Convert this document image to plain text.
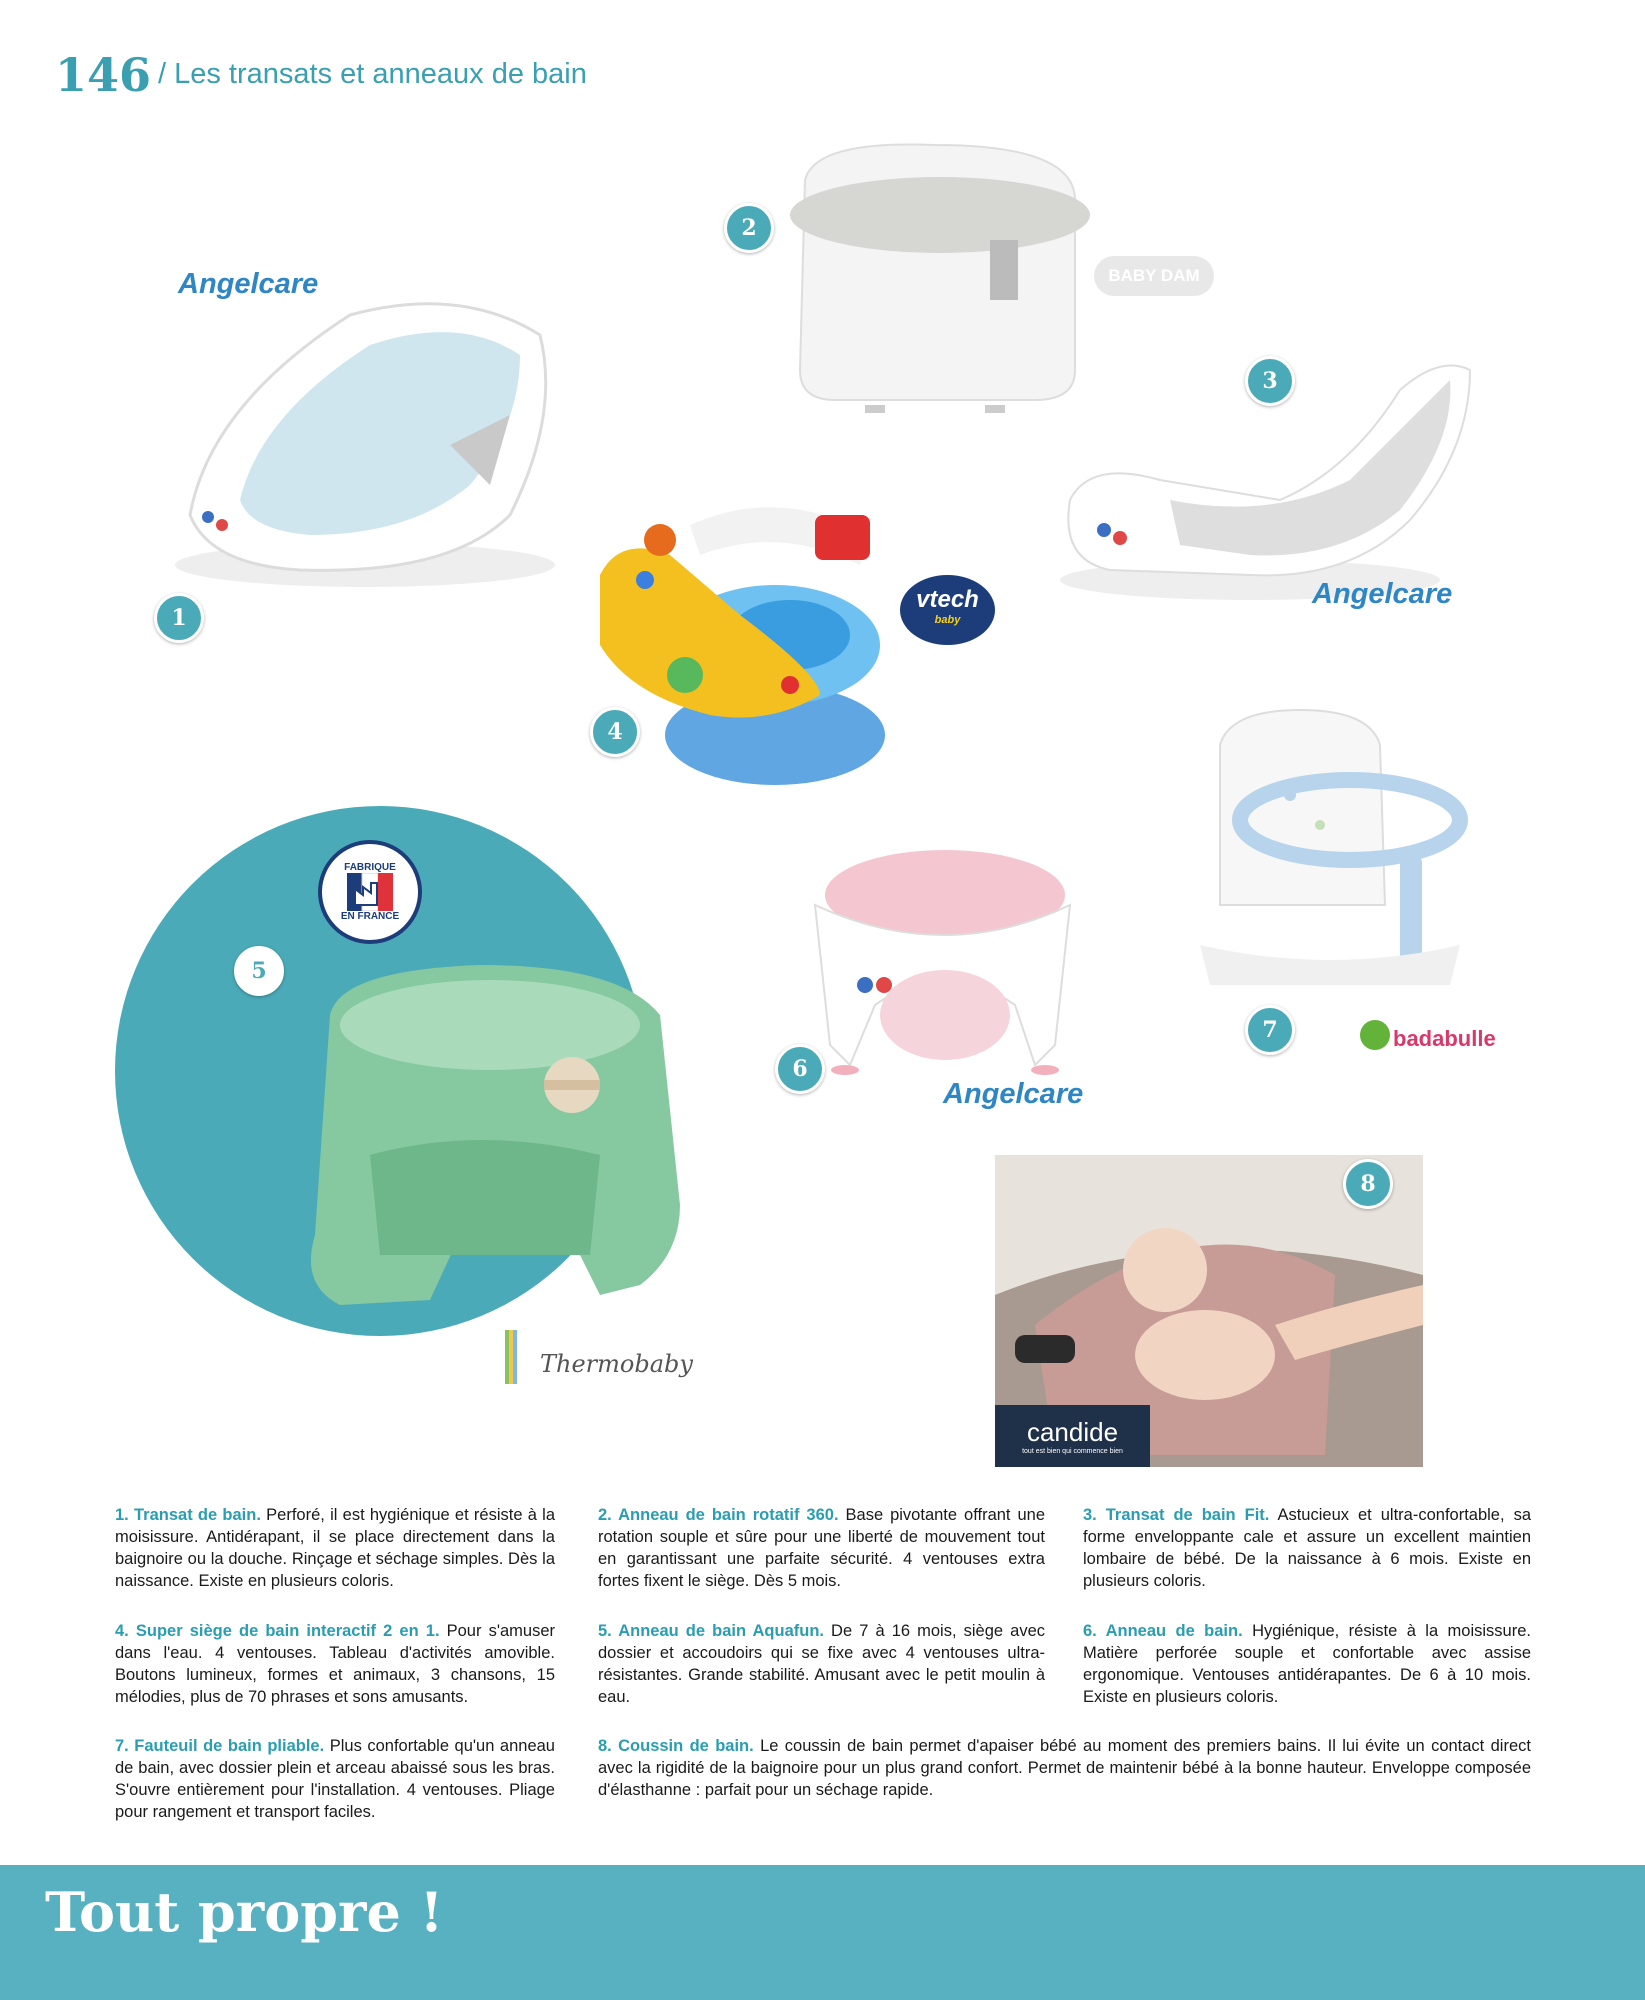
146 / Les transats et anneaux de bain
Angelcare
1
2
BABY DAM
3
Angelcare
4
vtech
baby
FABRIQUE
EN FRANCE
5
Thermobaby
6
Angelcare
7	badabulle
candide
tout est bien qui commence bien
8
1. Transat de bain. Perforé, il est hygiénique et résiste à la moisissure. Antidérapant, il se place directement dans la baignoire ou la douche. Rinçage et séchage simples. Dès la naissance. Existe en plusieurs coloris.
2. Anneau de bain rotatif 360. Base pivotante offrant une rotation souple et sûre pour une liberté de mouvement tout en garantissant une parfaite sécurité. 4 ventouses extra fortes fixent le siège. Dès 5 mois.
3. Transat de bain Fit. Astucieux et ultra-confortable, sa forme enveloppante cale et assure un excellent maintien lombaire de bébé. De la naissance à 6 mois. Existe en plusieurs coloris.
4. Super siège de bain interactif 2 en 1. Pour s'amuser dans l'eau. 4 ventouses. Tableau d'activités amovible. Boutons lumineux, formes et animaux, 3 chansons, 15 mélodies, plus de 70 phrases et sons amusants.
5. Anneau de bain Aquafun. De 7 à 16 mois, siège avec dossier et accoudoirs qui se fixe avec 4 ventouses ultra-résistantes. Grande stabilité. Amusant avec le petit moulin à eau.
6. Anneau de bain. Hygiénique, résiste à la moisissure. Matière perforée souple et confortable avec assise ergonomique. Ventouses antidérapantes. De 6 à 10 mois. Existe en plusieurs coloris.
7. Fauteuil de bain pliable. Plus confortable qu'un anneau de bain, avec dossier plein et arceau abaissé sous les bras. S'ouvre entièrement pour l'installation. 4 ventouses. Pliage pour rangement et transport faciles.
8. Coussin de bain. Le coussin de bain permet d'apaiser bébé au moment des premiers bains. Il lui évite un contact direct avec la rigidité de la baignoire pour un plus grand confort. Permet de maintenir bébé à la bonne hauteur. Enveloppe composée d'élasthanne : parfait pour un séchage rapide.
Tout propre !
